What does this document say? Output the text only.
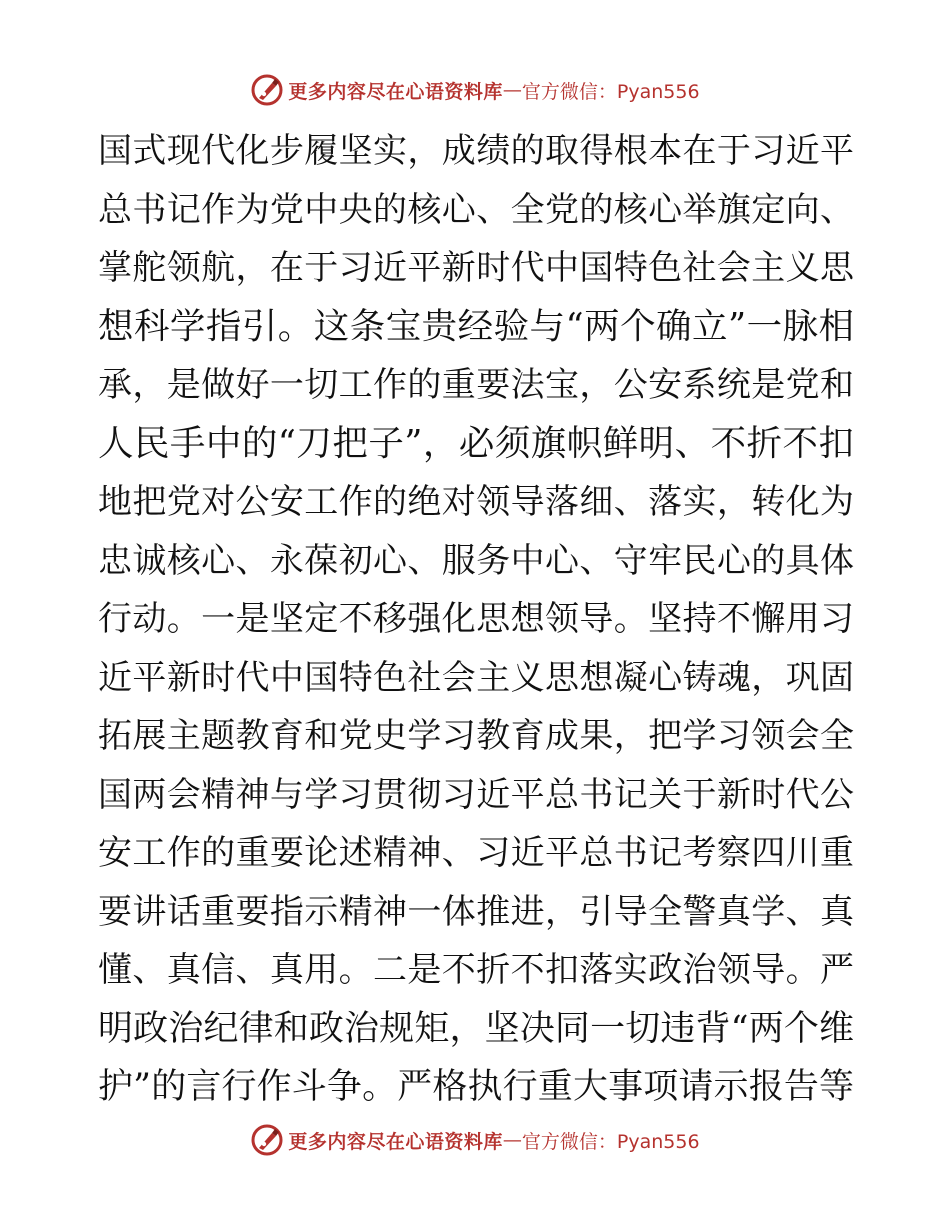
更多内容尽在心语资料库 — 官方微信：Pyan556
国式现代化步履坚实，成绩的取得根本在于习近平
总书记作为党中央的核心、全党的核心举旗定向、
掌舵领航，在于习近平新时代中国特色社会主义思
想科学指引。这条宝贵经验与“两个确立”一脉相
承，是做好一切工作的重要法宝，公安系统是党和
人民手中的“刀把子”，必须旗帜鲜明、不折不扣
地把党对公安工作的绝对领导落细、落实，转化为
忠诚核心、永葆初心、服务中心、守牢民心的具体
行动。一是坚定不移强化思想领导。坚持不懈用习
近平新时代中国特色社会主义思想凝心铸魂，巩固
拓展主题教育和党史学习教育成果，把学习领会全
国两会精神与学习贯彻习近平总书记关于新时代公
安工作的重要论述精神、习近平总书记考察四川重
要讲话重要指示精神一体推进，引导全警真学、真
懂、真信、真用。二是不折不扣落实政治领导。严
明政治纪律和政治规矩，坚决同一切违背“两个维
护”的言行作斗争。严格执行重大事项请示报告等
更多内容尽在心语资料库 — 官方微信：Pyan556
